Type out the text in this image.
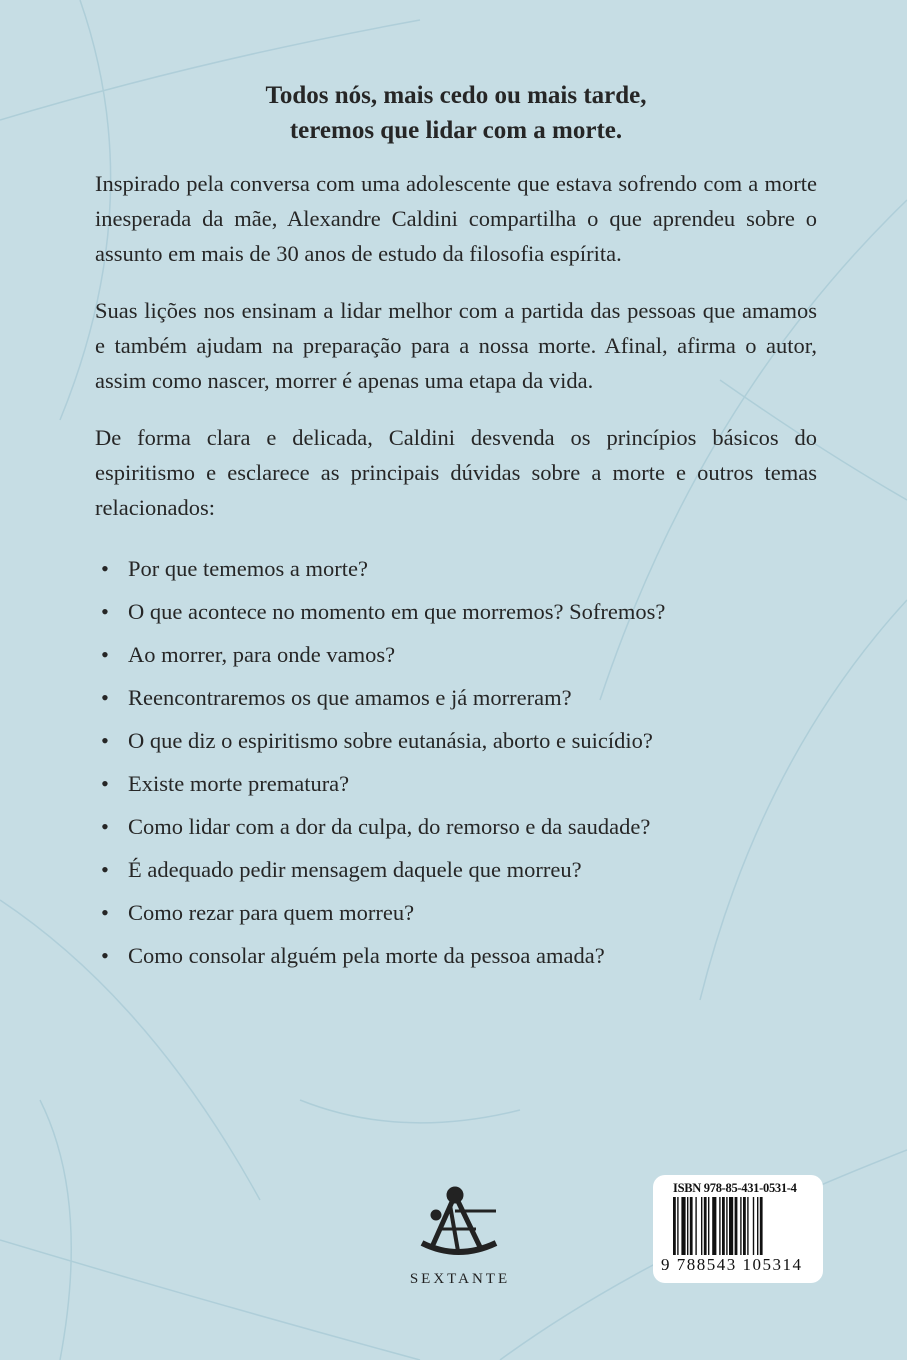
Todos nós, mais cedo ou mais tarde,
teremos que lidar com a morte.

Inspirado pela conversa com uma adolescente que estava sofrendo com a morte inesperada da mãe, Alexandre Caldini compartilha o que aprendeu sobre o assunto em mais de 30 anos de estudo da filosofia espírita.

Suas lições nos ensinam a lidar melhor com a partida das pessoas que amamos e também ajudam na preparação para a nossa morte. Afinal, afirma o autor, assim como nascer, morrer é apenas uma etapa da vida.

De forma clara e delicada, Caldini desvenda os princípios básicos do espiritismo e esclarece as principais dúvidas sobre a morte e outros temas relacionados:

• Por que tememos a morte?
• O que acontece no momento em que morremos? Sofremos?
• Ao morrer, para onde vamos?
• Reencontraremos os que amamos e já morreram?
• O que diz o espiritismo sobre eutanásia, aborto e suicídio?
• Existe morte prematura?
• Como lidar com a dor da culpa, do remorso e da saudade?
• É adequado pedir mensagem daquele que morreu?
• Como rezar para quem morreu?
• Como consolar alguém pela morte da pessoa amada?
SEXTANTE
ISBN 978-85-431-0531-4
9 788543 105314
